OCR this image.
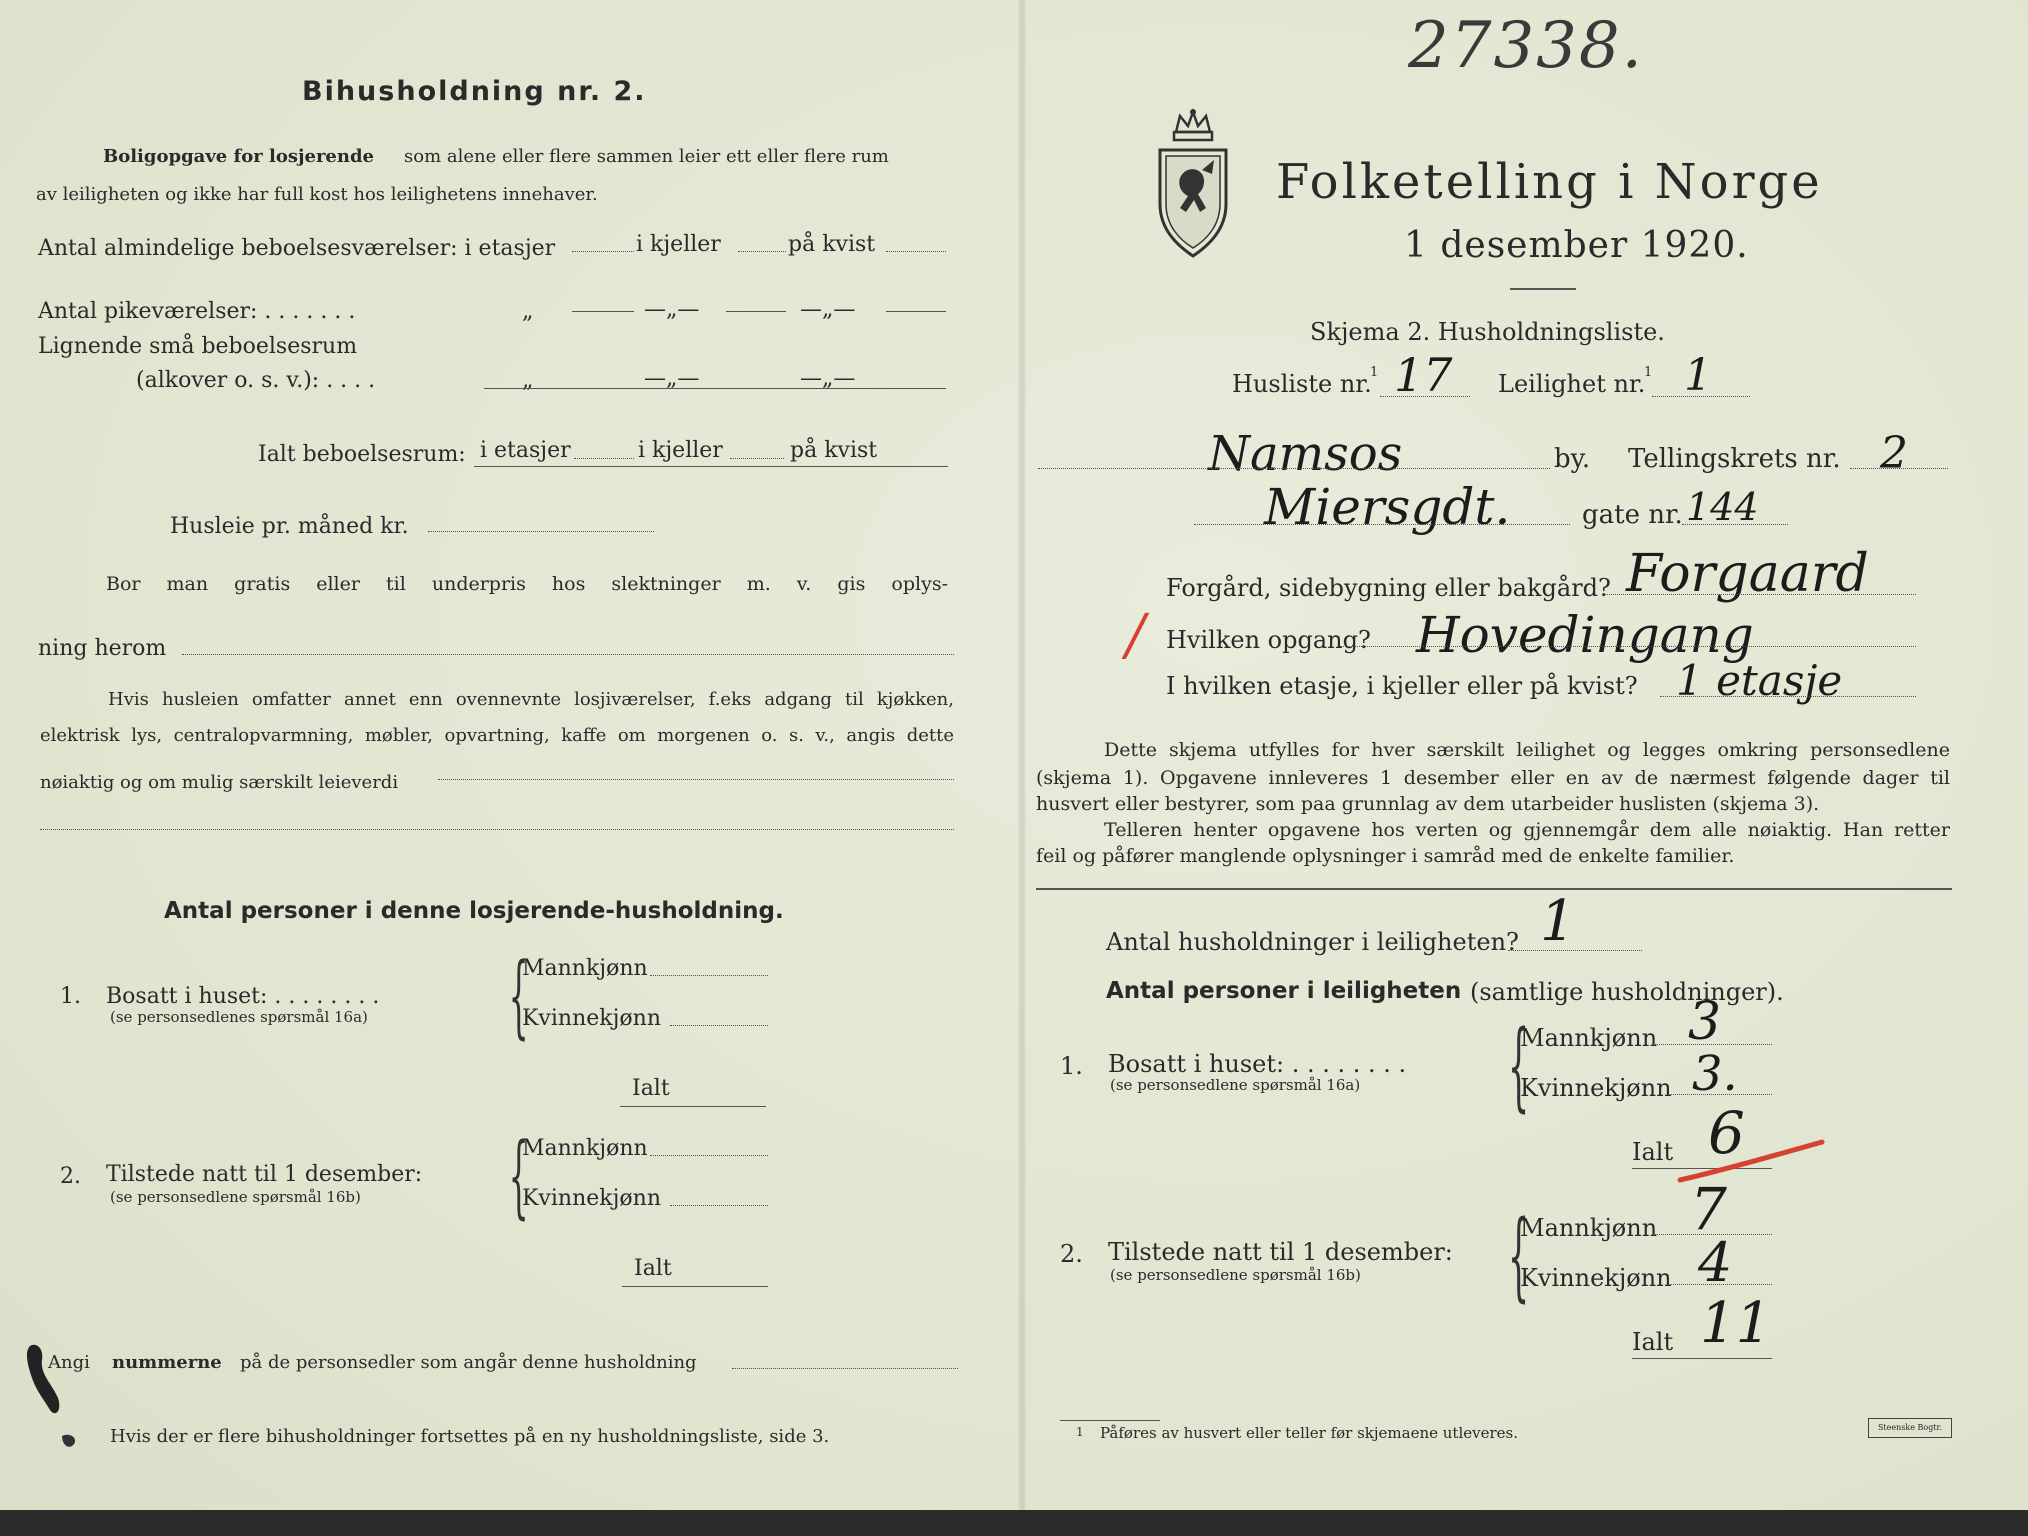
Bihusholdning nr. 2.
Boligopgave for losjerende som alene eller flere sammen leier ett eller flere rum
av leiligheten og ikke har full kost hos leilighetens innehaver.
Antal almindelige beboelsesværelser: i etasjer	i kjeller	på kvist
Antal pikeværelser: . . . . . . .	„	—„—	—„—
Lignende små beboelsesrum
(alkover o. s. v.): . . . .	„	—„—	—„—
Ialt beboelsesrum: i etasjer	i kjeller	på kvist
Husleie pr. måned kr.
Bor man gratis eller til underpris hos slektninger m. v. gis oplys-
ning herom
Hvis husleien omfatter annet enn ovennevnte losjiværelser, f.eks adgang til kjøkken,
elektrisk lys, centralopvarmning, møbler, opvartning, kaffe om morgenen o. s. v., angis dette
nøiaktig og om mulig særskilt leieverdi
Antal personer i denne losjerende-husholdning.
1. Bosatt i huset: . . . . . . . .
(se personsedlenes spørsmål 16a) {
Mannkjønn
Kvinnekjønn
Ialt
2. Tilstede natt til 1 desember:
(se personsedlene spørsmål 16b) {
Mannkjønn
Kvinnekjønn
Ialt
Angi nummerne på de personsedler som angår denne husholdning
Hvis der er flere bihusholdninger fortsettes på en ny husholdningsliste, side 3.
27338.
Folketelling i Norge
1 desember 1920.
Skjema 2. Husholdningsliste.
Husliste nr.
1 17 Leilighet nr.
1 1
Namsos	by. Tellingskrets nr. 2
Miersgdt.	gate nr. 144
Forgård, sidebygning eller bakgård? Forgaard
/ Hvilken opgang? Hovedingang
I hvilken etasje, i kjeller eller på kvist? 1 etasje
Dette skjema utfylles for hver særskilt leilighet og legges omkring personsedlene
(skjema 1). Opgavene innleveres 1 desember eller en av de nærmest følgende dager til
husvert eller bestyrer, som paa grunnlag av dem utarbeider huslisten (skjema 3).
Telleren henter opgavene hos verten og gjennemgår dem alle nøiaktig. Han retter
feil og påfører manglende oplysninger i samråd med de enkelte familier.
Antal husholdninger i leiligheten? 1
Antal personer i leiligheten (samtlige husholdninger).
1. Bosatt i huset: . . . . . . . .
(se personsedlene spørsmål 16a) {
Mannkjønn 3
Kvinnekjønn 3.
Ialt 6
2. Tilstede natt til 1 desember:
(se personsedlene spørsmål 16b) {
Mannkjønn 7
Kvinnekjønn 4
Ialt 11
1 Påføres av husvert eller teller før skjemaene utleveres.	Steenske Bogtr.
